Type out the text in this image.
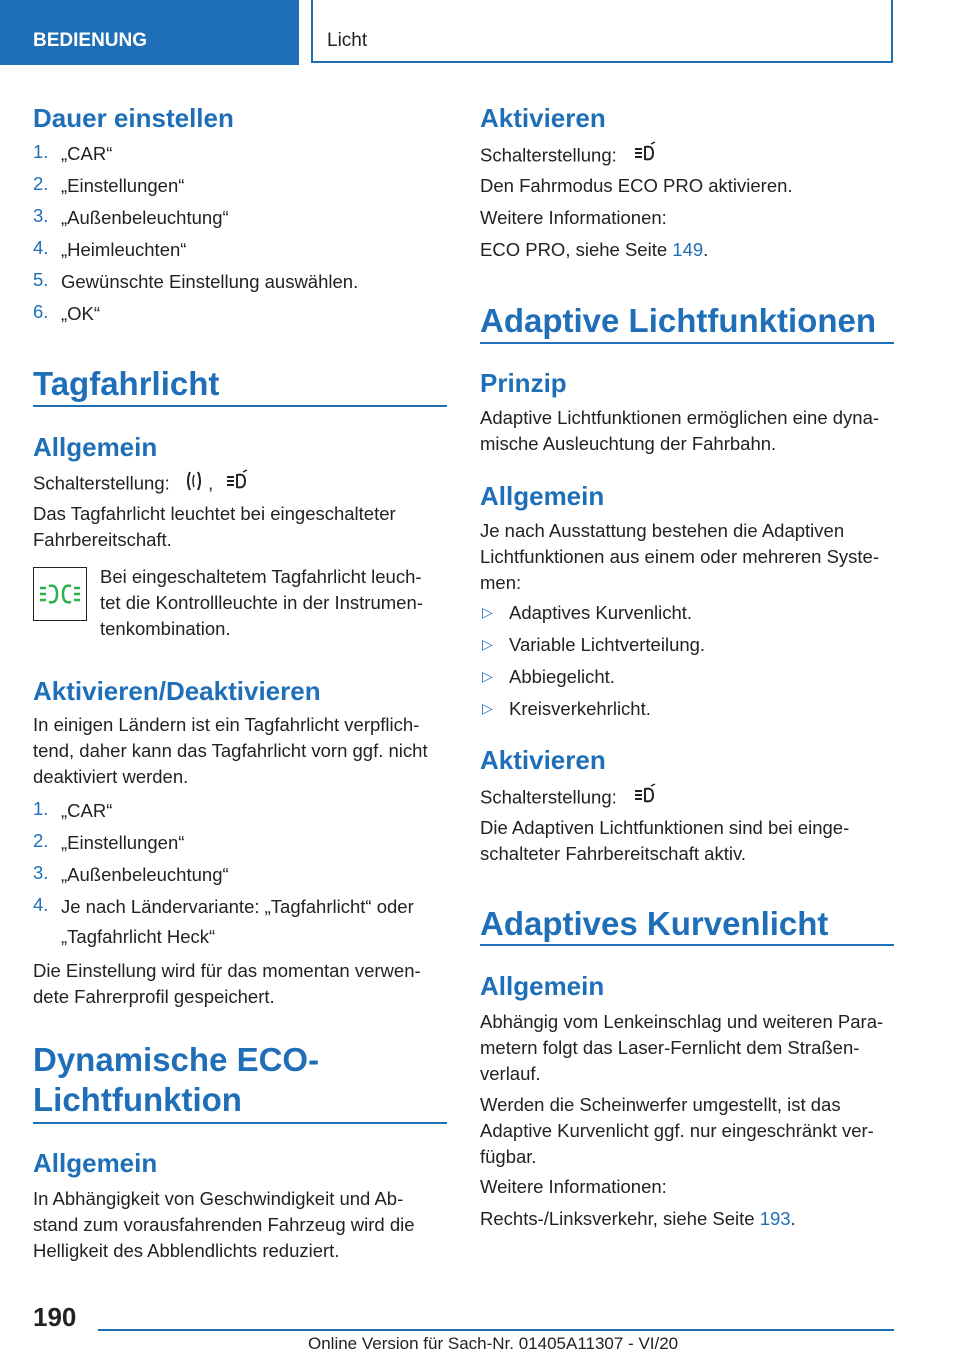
BEDIENUNG	Licht
Dauer einstellen
1. „CAR“
2. „Einstellungen“
3. „Außenbeleuchtung“
4. „Heimleuchten“
5. Gewünschte Einstellung auswählen.
6. „OK“
Tagfahrlicht
Allgemein
Schalterstellung: ,
Das Tagfahrlicht leuchtet bei eingeschalteter
Fahrbereitschaft.
Bei eingeschaltetem Tagfahrlicht leuch-
tet die Kontrollleuchte in der Instrumen-
tenkombination.
Aktivieren/Deaktivieren
In einigen Ländern ist ein Tagfahrlicht verpflich-
tend, daher kann das Tagfahrlicht vorn ggf. nicht
deaktiviert werden.
1. „CAR“
2. „Einstellungen“
3. „Außenbeleuchtung“
4. Je nach Ländervariante: „Tagfahrlicht“ oder
„Tagfahrlicht Heck“
Die Einstellung wird für das momentan verwen-
dete Fahrerprofil gespeichert.
Dynamische ECO-
Lichtfunktion
Allgemein
In Abhängigkeit von Geschwindigkeit und Ab-
stand zum vorausfahrenden Fahrzeug wird die
Helligkeit des Abblendlichts reduziert.
Aktivieren
Schalterstellung:
Den Fahrmodus ECO PRO aktivieren.
Weitere Informationen:
ECO PRO, siehe Seite 149.
Adaptive Lichtfunktionen
Prinzip
Adaptive Lichtfunktionen ermöglichen eine dyna-
mische Ausleuchtung der Fahrbahn.
Allgemein
Je nach Ausstattung bestehen die Adaptiven
Lichtfunktionen aus einem oder mehreren Syste-
men:
▷ Adaptives Kurvenlicht.
▷ Variable Lichtverteilung.
▷ Abbiegelicht.
▷ Kreisverkehrlicht.
Aktivieren
Schalterstellung:
Die Adaptiven Lichtfunktionen sind bei einge-
schalteter Fahrbereitschaft aktiv.
Adaptives Kurvenlicht
Allgemein
Abhängig vom Lenkeinschlag und weiteren Para-
metern folgt das Laser-Fernlicht dem Straßen-
verlauf.
Werden die Scheinwerfer umgestellt, ist das
Adaptive Kurvenlicht ggf. nur eingeschränkt ver-
fügbar.
Weitere Informationen:
Rechts-/Linksverkehr, siehe Seite 193.
190
Online Version für Sach-Nr. 01405A11307 - VI/20
